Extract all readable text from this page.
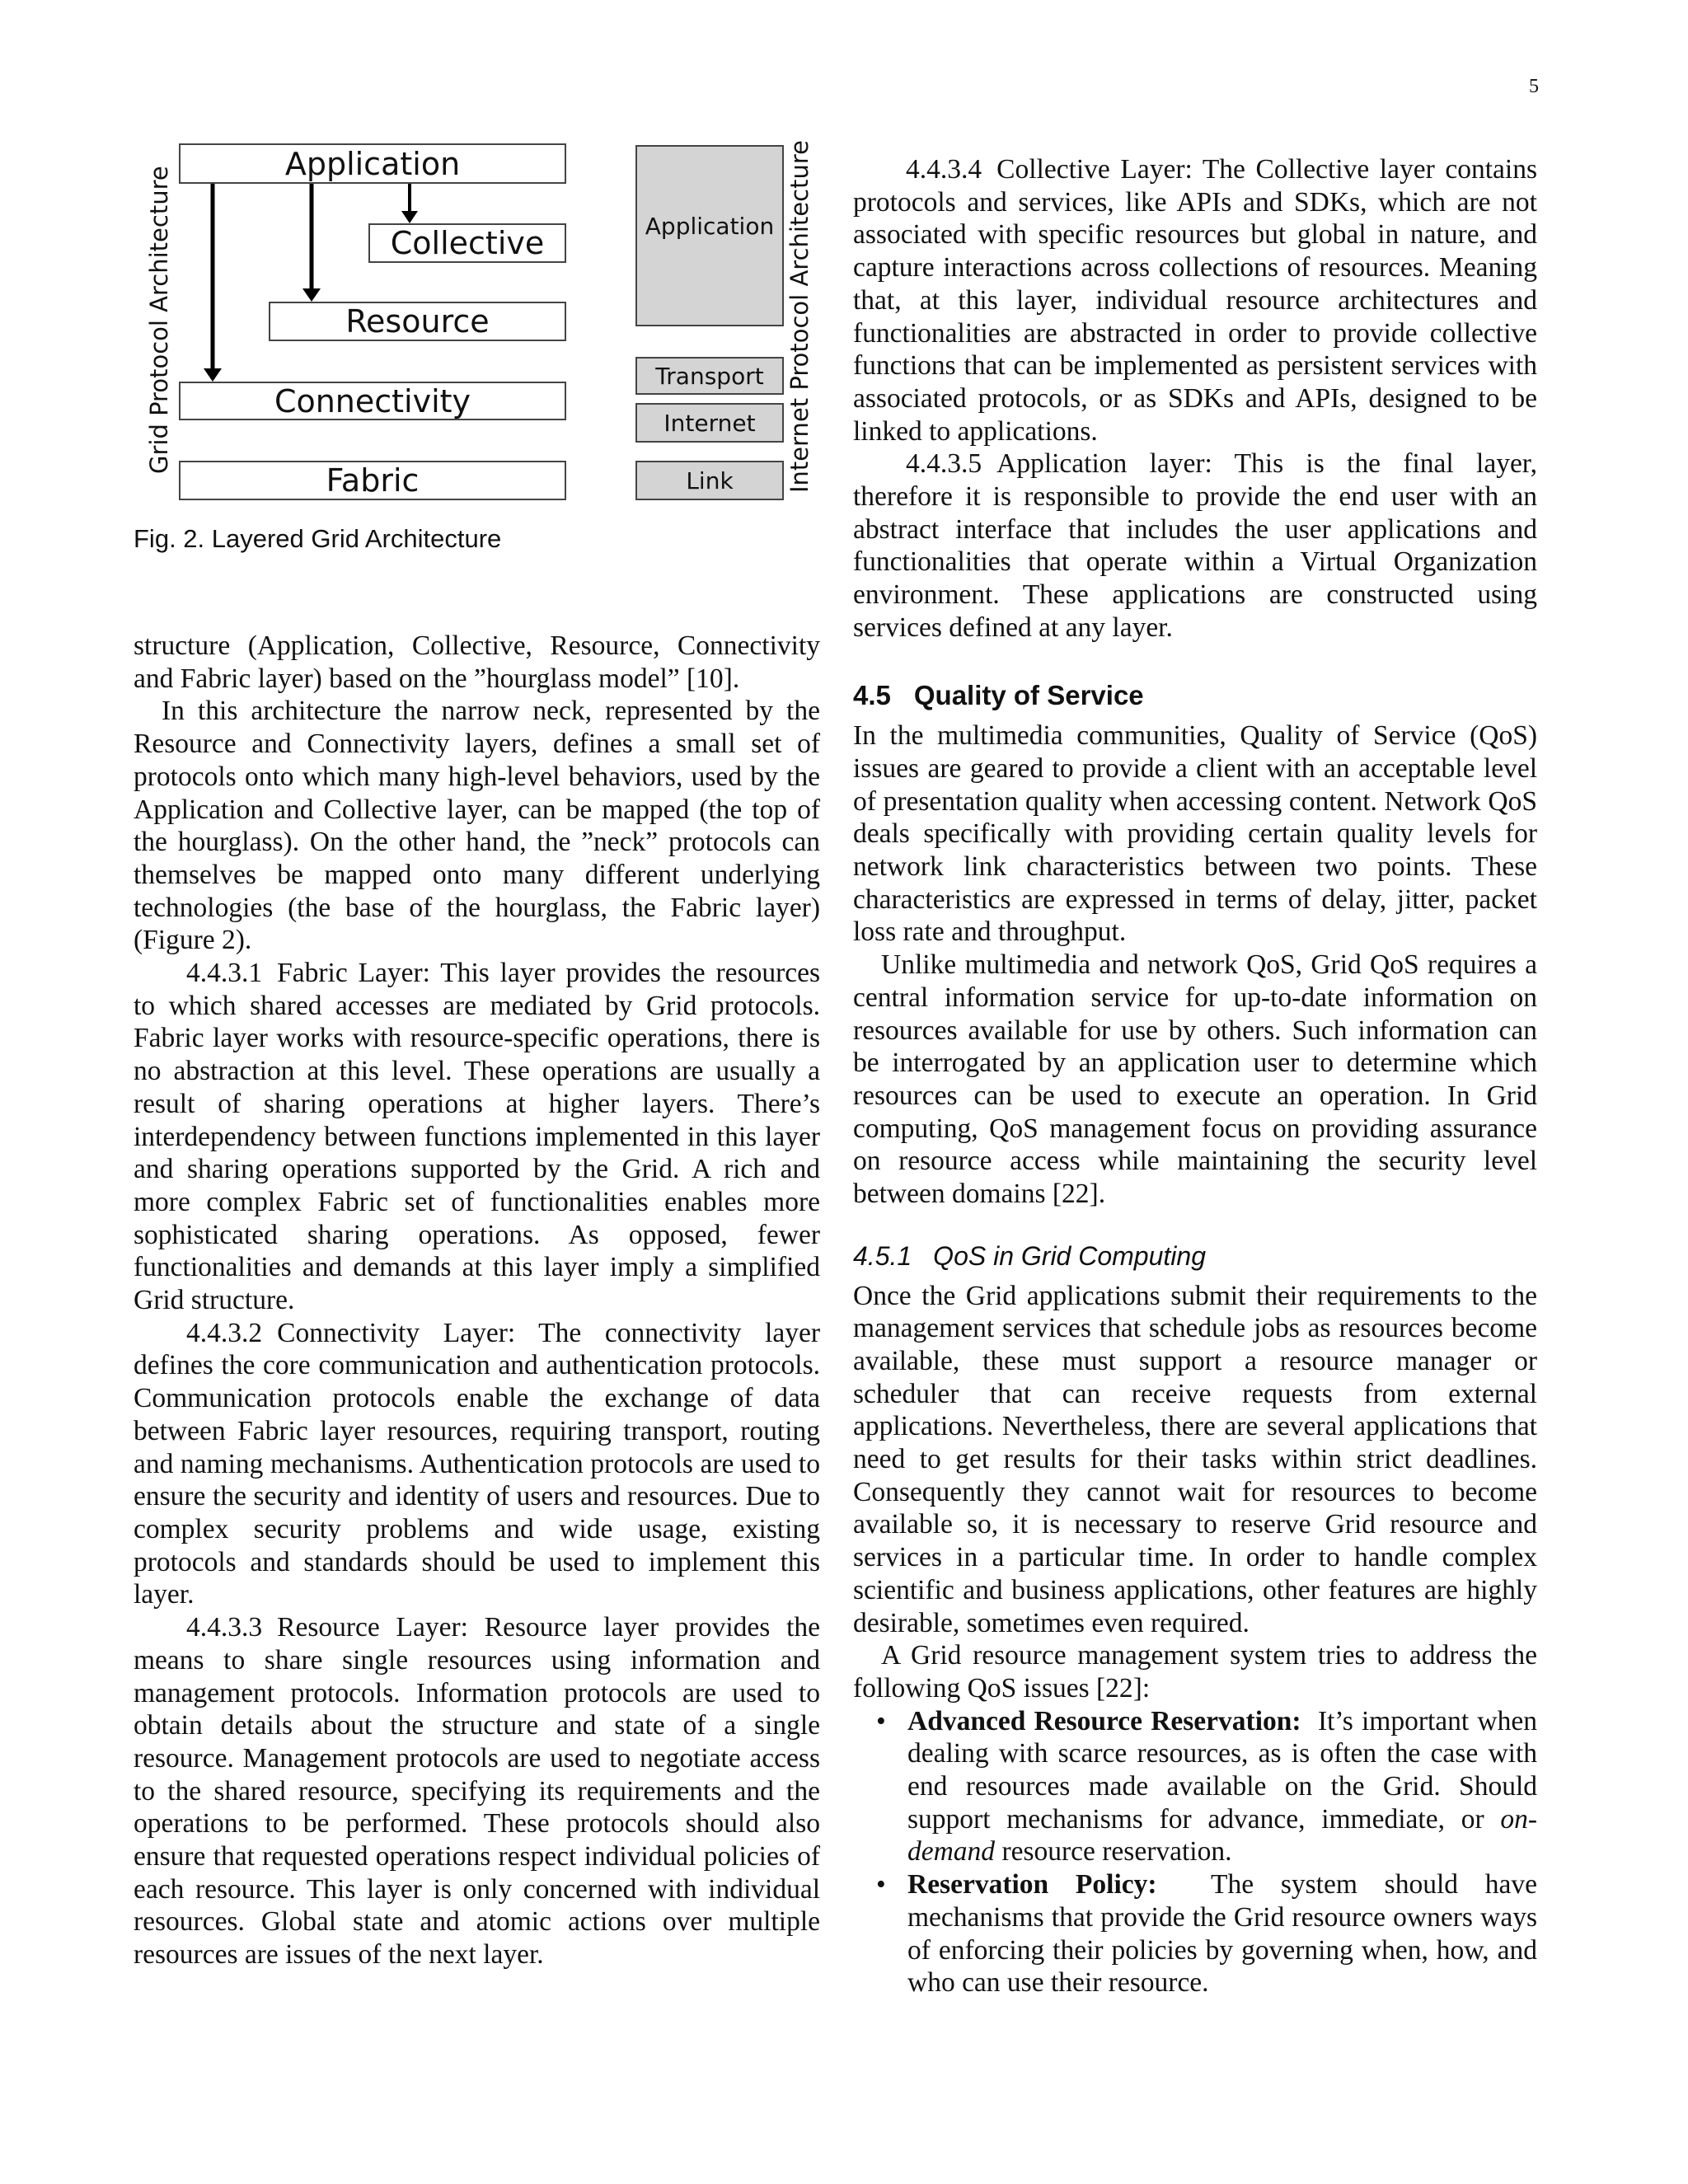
5
Grid Protocol Architecture
Application
Collective
Resource
Connectivity
Fabric
Application
Transport
Internet
Link	Internet Protocol Architecture
Fig. 2. Layered Grid Architecture

structure (Application, Collective, Resource, Connectivity and Fabric layer) based on the ”hourglass model” [10].

In this architecture the narrow neck, represented by the Resource and Connectivity layers, defines a small set of protocols onto which many high-level behaviors, used by the Application and Collective layer, can be mapped (the top of the hourglass). On the other hand, the ”neck” protocols can themselves be mapped onto many different underlying technologies (the base of the hourglass, the Fabric layer) (Figure 2).

4.4.3.1 Fabric Layer: This layer provides the resources to which shared accesses are mediated by Grid protocols. Fabric layer works with resource-specific operations, there is no abstraction at this level. These operations are usually a result of sharing operations at higher layers. There’s interdependency between functions implemented in this layer and sharing operations supported by the Grid. A rich and more complex Fabric set of functionalities enables more sophisticated sharing operations. As opposed, fewer functionalities and demands at this layer imply a simplified Grid structure.

4.4.3.2 Connectivity Layer: The connectivity layer defines the core communication and authentication protocols. Communication protocols enable the exchange of data between Fabric layer resources, requiring transport, routing and naming mechanisms. Authentication protocols are used to ensure the security and identity of users and resources. Due to complex security problems and wide usage, existing protocols and standards should be used to implement this layer.

4.4.3.3 Resource Layer: Resource layer provides the means to share single resources using information and management protocols. Information protocols are used to obtain details about the structure and state of a single resource. Management protocols are used to negotiate access to the shared resource, specifying its requirements and the operations to be performed. These protocols should also ensure that requested operations respect individual policies of each resource. This layer is only concerned with individual resources. Global state and atomic actions over multiple resources are issues of the next layer.

4.4.3.4 Collective Layer: The Collective layer contains protocols and services, like APIs and SDKs, which are not associated with specific resources but global in nature, and capture interactions across collections of resources. Meaning that, at this layer, individual resource architectures and functionalities are abstracted in order to provide collective functions that can be implemented as persistent services with associated protocols, or as SDKs and APIs, designed to be linked to applications.

4.4.3.5 Application layer: This is the final layer, therefore it is responsible to provide the end user with an abstract interface that includes the user applications and functionalities that operate within a Virtual Organization environment. These applications are constructed using services defined at any layer.

4.5 Quality of Service

In the multimedia communities, Quality of Service (QoS) issues are geared to provide a client with an acceptable level of presentation quality when accessing content. Network QoS deals specifically with providing certain quality levels for network link characteristics between two points. These characteristics are expressed in terms of delay, jitter, packet loss rate and throughput.

Unlike multimedia and network QoS, Grid QoS requires a central information service for up-to-date information on resources available for use by others. Such information can be interrogated by an application user to determine which resources can be used to execute an operation. In Grid computing, QoS management focus on providing assurance on resource access while maintaining the security level between domains [22].

4.5.1 QoS in Grid Computing

Once the Grid applications submit their requirements to the management services that schedule jobs as resources become available, these must support a resource manager or scheduler that can receive requests from external applications. Nevertheless, there are several applications that need to get results for their tasks within strict deadlines. Consequently they cannot wait for resources to become available so, it is necessary to reserve Grid resource and services in a particular time. In order to handle complex scientific and business applications, other features are highly desirable, sometimes even required.

A Grid resource management system tries to address the following QoS issues [22]:

• Advanced Resource Reservation: It’s important when dealing with scarce resources, as is often the case with end resources made available on the Grid. Should support mechanisms for advance, immediate, or on-demand resource reservation.
• Reservation Policy: The system should have mechanisms that provide the Grid resource owners ways of enforcing their policies by governing when, how, and who can use their resource.
